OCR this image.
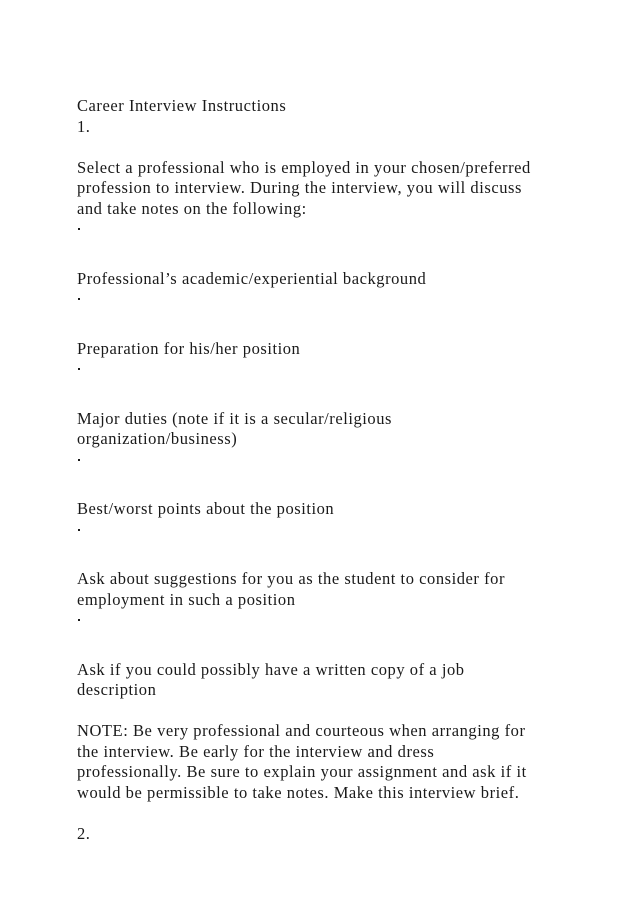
Career Interview Instructions
1.
Select a professional who is employed in your chosen/preferred
profession to interview. During the interview, you will discuss
and take notes on the following:
Professional’s academic/experiential background
Preparation for his/her position
Major duties (note if it is a secular/religious
organization/business)
Best/worst points about the position
Ask about suggestions for you as the student to consider for
employment in such a position
Ask if you could possibly have a written copy of a job
description
NOTE: Be very professional and courteous when arranging for
the interview. Be early for the interview and dress
professionally. Be sure to explain your assignment and ask if it
would be permissible to take notes. Make this interview brief.
2.
